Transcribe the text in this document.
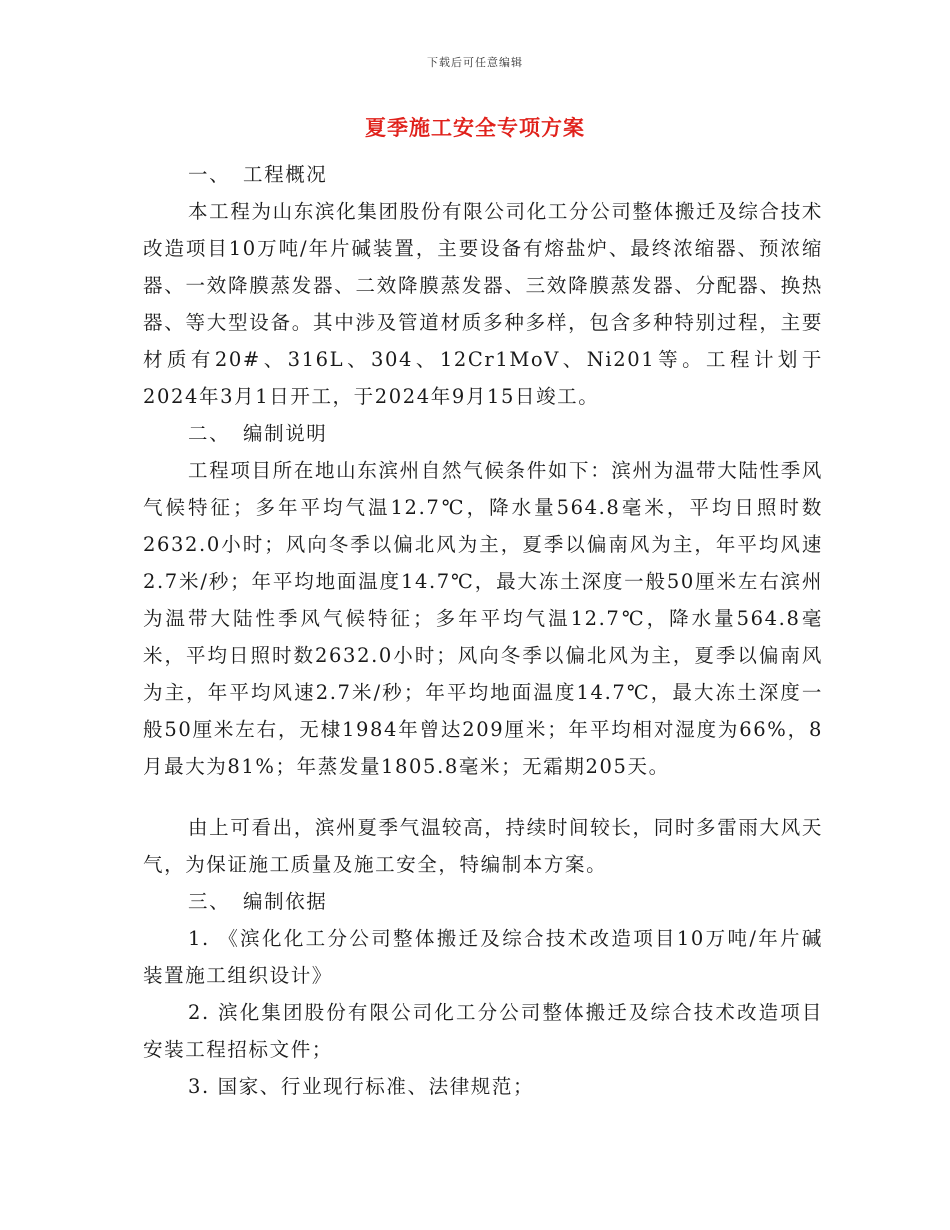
下载后可任意编辑
夏季施工安全专项方案
一、 工程概况

本工程为山东滨化集团股份有限公司化工分公司整体搬迁及综合技术改造项目10万吨/年片碱装置，主要设备有熔盐炉、最终浓缩器、预浓缩器、一效降膜蒸发器、二效降膜蒸发器、三效降膜蒸发器、分配器、换热器、等大型设备。其中涉及管道材质多种多样，包含多种特别过程，主要材质有20#、316L、304、12Cr1MoV、Ni201等。工程计划于2024年3月1日开工，于2024年9月15日竣工。

二、 编制说明

工程项目所在地山东滨州自然气候条件如下：滨州为温带大陆性季风气候特征；多年平均气温12.7℃，降水量564.8毫米，平均日照时数2632.0小时；风向冬季以偏北风为主，夏季以偏南风为主，年平均风速2.7米/秒；年平均地面温度14.7℃，最大冻土深度一般50厘米左右滨州为温带大陆性季风气候特征；多年平均气温12.7℃，降水量564.8毫米，平均日照时数2632.0小时；风向冬季以偏北风为主，夏季以偏南风为主，年平均风速2.7米/秒；年平均地面温度14.7℃，最大冻土深度一般50厘米左右，无棣1984年曾达209厘米；年平均相对湿度为66%，8月最大为81%；年蒸发量1805.8毫米；无霜期205天。

由上可看出，滨州夏季气温较高，持续时间较长，同时多雷雨大风天气，为保证施工质量及施工安全，特编制本方案。

三、 编制依据

1. 《滨化化工分公司整体搬迁及综合技术改造项目10万吨/年片碱装置施工组织设计》

2. 滨化集团股份有限公司化工分公司整体搬迁及综合技术改造项目安装工程招标文件；

3. 国家、行业现行标准、法律规范；
